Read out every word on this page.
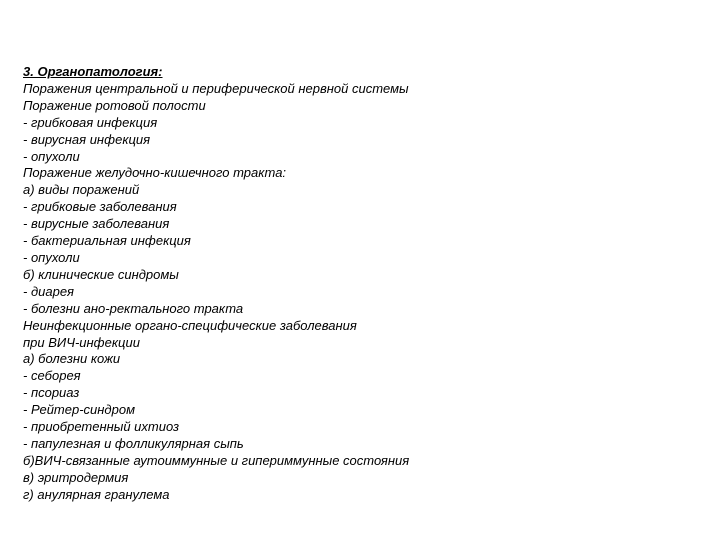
3. Органопатология:
Поражения центральной и периферической нервной системы
Поражение ротовой полости
- грибковая инфекция
- вирусная инфекция
- опухоли
Поражение желудочно-кишечного тракта:
а) виды поражений
- грибковые заболевания
- вирусные заболевания
- бактериальная инфекция
- опухоли
б) клинические синдромы
- диарея
- болезни ано-ректального тракта
Неинфекционные органо-специфические заболевания
при ВИЧ-инфекции
а) болезни кожи
- себорея
- псориаз
- Рейтер-синдром
- приобретенный ихтиоз
- папулезная и фолликулярная сыпь
б)ВИЧ-связанные аутоиммунные и гипериммунные состояния
в) эритродермия
г) анулярная гранулема
